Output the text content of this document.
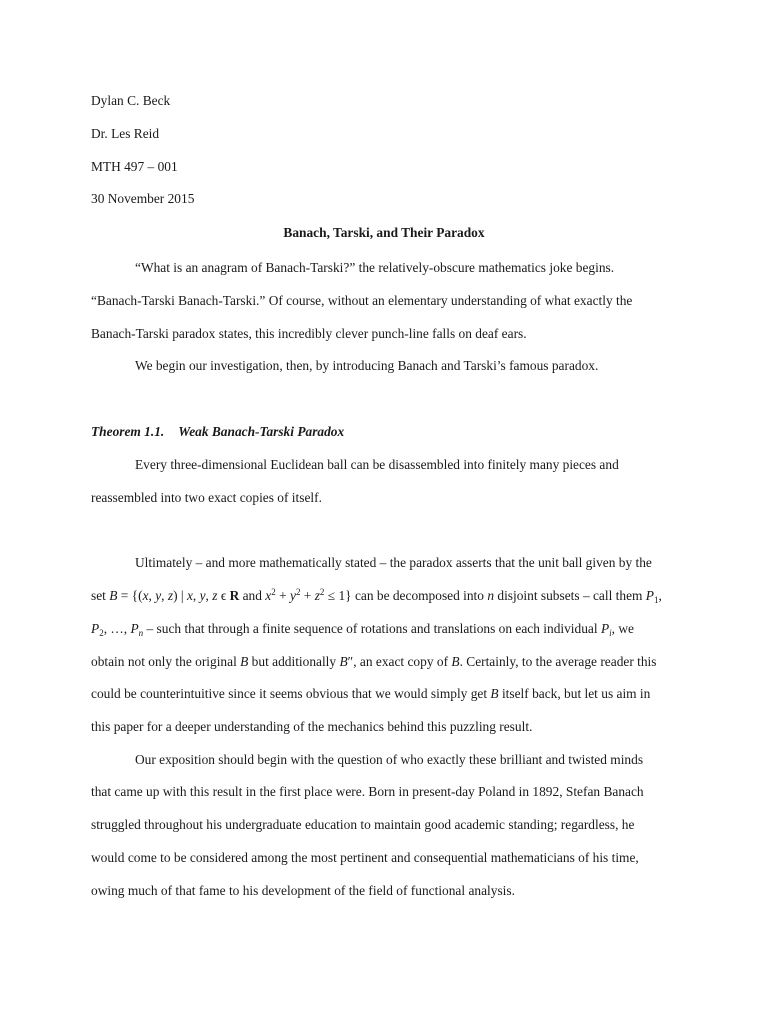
Dylan C. Beck
Dr. Les Reid
MTH 497 – 001
30 November 2015
Banach, Tarski, and Their Paradox
“What is an anagram of Banach-Tarski?” the relatively-obscure mathematics joke begins.
“Banach-Tarski Banach-Tarski.” Of course, without an elementary understanding of what exactly the
Banach-Tarski paradox states, this incredibly clever punch-line falls on deaf ears.
We begin our investigation, then, by introducing Banach and Tarski’s famous paradox.
Theorem 1.1. Weak Banach-Tarski Paradox
Every three-dimensional Euclidean ball can be disassembled into finitely many pieces and
reassembled into two exact copies of itself.
Ultimately – and more mathematically stated – the paradox asserts that the unit ball given by the
set B = {(x, y, z) | x, y, z ϵ R and $x^2 + y^2 + z^2 \le 1$} can be decomposed into n disjoint subsets – call them $P_1$,
$P_2$, …, $P_n$ – such that through a finite sequence of rotations and translations on each individual $P_i$, we
obtain not only the original B but additionally B″, an exact copy of B. Certainly, to the average reader this
could be counterintuitive since it seems obvious that we would simply get B itself back, but let us aim in
this paper for a deeper understanding of the mechanics behind this puzzling result.
Our exposition should begin with the question of who exactly these brilliant and twisted minds
that came up with this result in the first place were. Born in present-day Poland in 1892, Stefan Banach
struggled throughout his undergraduate education to maintain good academic standing; regardless, he
would come to be considered among the most pertinent and consequential mathematicians of his time,
owing much of that fame to his development of the field of functional analysis.
